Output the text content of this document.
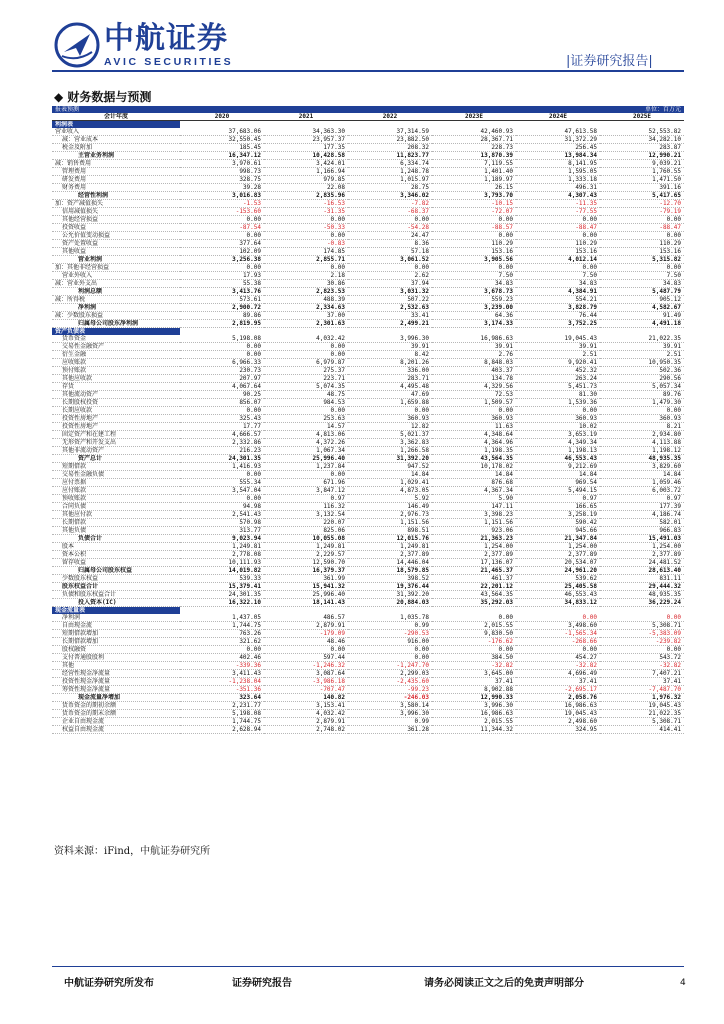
中航证券
AVIC SECURITIES	|证券研究报告|
◆ 财务数据与预测
报表预测					单位：百万元	
会计年度	2020	2021	2022	2023E	2024E	2025E
利润表						
营业收入	37,683.06	34,363.30	37,314.59	42,460.93	47,613.58	52,553.82
减：营业成本	32,550.45	23,957.37	23,882.50	28,367.71	31,372.29	34,282.10
税金及附加	185.45	177.35	208.32	228.73	256.45	283.87
主营业务利润	16,347.12	10,428.58	11,823.77	13,870.39	13,984.34	12,990.21
减：销售费用	3,970.61	3,424.01	6,334.74	7,119.55	8,141.95	9,039.21
管理费用	998.73	1,166.94	1,248.78	1,401.40	1,595.05	1,760.55
研发费用	328.75	979.85	1,015.97	1,189.97	1,333.18	1,471.50
财务费用	39.28	22.08	28.75	26.15	496.31	391.16
经营性利润	3,016.83	2,835.96	3,346.02	3,793.70	4,307.43	5,417.65
加：资产减值损失	-1.53	-16.53	-7.82	-10.15	-11.35	-12.70
信用减值损失	-153.60	-31.35	-68.37	-72.07	-77.55	-79.19
其他经营损益	0.00	0.00	0.00	0.00	0.00	0.00
投资收益	-87.54	-50.33	-54.28	-88.57	-88.47	-88.47
公允价值变动损益	0.00	0.00	24.47	0.00	0.00	0.00
资产处置收益	377.64	-0.83	8.36	110.29	110.29	110.29
其他收益	102.09	174.85	57.18	153.16	153.16	153.16
营业利润	3,256.38	2,855.71	3,061.52	3,905.56	4,012.14	5,315.82
加：其他非经营损益	0.00	0.00	0.00	0.00	0.00	0.00
营业外收入	17.93	2.18	2.62	7.50	7.50	7.50
减：营业外支出	55.38	30.86	37.94	34.83	34.83	34.83
利润总额	3,413.76	2,823.53	3,031.32	3,678.73	4,384.91	5,487.79
减：所得税	573.61	488.39	507.22	559.23	554.21	905.12
净利润	2,900.72	2,334.63	2,532.63	3,239.00	3,828.79	4,582.67
减：少数股东损益	89.86	37.00	33.41	64.36	76.44	91.49
归属母公司股东净利润	2,819.95	2,301.63	2,499.21	3,174.33	3,752.25	4,491.18
资产负债表						
货币资金	5,198.08	4,032.42	3,996.30	16,986.63	19,045.43	21,022.35
交易性金融资产	0.00	0.00	39.91	39.91	39.91	39.91
衍生金融	0.00	0.00	8.42	2.76	2.51	2.51
应收账款	6,966.33	6,979.87	8,201.26	8,848.03	9,920.41	10,950.35
预付账款	230.73	275.37	336.00	403.37	452.32	502.36
其他应收款	207.97	223.71	283.71	134.78	263.24	290.56
存货	4,067.64	5,074.35	4,495.48	4,329.56	5,451.73	5,057.34
其他流动资产	90.25	48.75	47.69	72.53	81.30	89.76
长期股权投资	856.07	984.53	1,659.88	1,509.57	1,539.36	1,479.30
长期应收款	0.00	0.00	0.00	0.00	0.00	0.00
投资性房地产	325.43	253.63	360.93	360.93	360.93	360.93
投资性房地产	17.77	14.57	12.82	11.63	10.02	8.21
固定资产和在建工程	4,666.57	4,813.06	5,021.37	4,348.64	3,653.19	2,934.80
无形资产和开发支出	2,332.86	4,372.26	3,362.83	4,364.96	4,349.34	4,113.88
其他非流动资产	216.23	1,067.34	1,266.58	1,198.35	1,198.13	1,198.12
资产总计	24,301.35	25,996.40	31,392.20	43,564.35	46,553.43	48,935.35
短期借款	1,416.93	1,237.84	947.52	10,178.02	9,212.69	3,829.60
交易性金融负债	0.00	0.00	14.84	14.84	14.84	14.84
应付票据	555.34	671.96	1,029.41	876.68	969.54	1,059.46
应付账款	3,547.04	3,847.12	4,873.05	4,367.34	5,494.15	6,003.72
预收账款	0.00	0.97	5.92	5.90	0.97	0.97
合同负债	94.98	116.32	146.49	147.11	166.65	177.39
其他应付款	2,541.43	3,132.54	2,976.73	3,398.23	3,258.19	4,186.74
长期借款	570.98	220.07	1,151.56	1,151.56	590.42	582.01
其他负债	313.77	825.06	898.51	923.06	945.66	966.83
负债合计	9,023.94	10,055.08	12,015.76	21,363.23	21,347.84	15,491.03
股本	1,249.81	1,249.81	1,249.81	1,254.00	1,254.00	1,254.00
资本公积	2,778.08	2,229.57	2,377.89	2,377.89	2,377.89	2,377.89
留存收益	10,111.93	12,590.70	14,446.04	17,136.07	20,534.07	24,481.52
归属母公司股东权益	14,019.82	16,379.37	18,579.85	21,465.37	24,961.20	28,613.40
少数股东权益	539.33	361.99	398.52	461.37	539.62	831.11
股东权益合计	15,379.41	15,941.32	19,376.44	22,201.12	25,405.58	29,444.32
负债和股东权益合计	24,301.35	25,996.40	31,392.20	43,564.35	46,553.43	48,935.35
投入资本(IC)	16,322.10	18,141.43	20,884.03	35,292.03	34,833.12	36,229.24
现金流量表						
净利润	1,437.05	486.57	1,035.78	0.00	0.00	0.00
自由现金流	1,744.75	2,879.91	0.99	2,015.55	3,498.60	5,308.71
短期借款增加	763.26	-179.09	-290.53	9,830.50	-1,565.34	-5,383.09
长期借款增加	321.62	48.46	916.00	-176.62	-268.66	-239.82
股权融资	0.00	0.00	0.00	0.00	0.00	0.00
支付普通股股利	402.46	597.44	0.00	384.50	454.27	543.72
其他	-339.36	-1,246.32	-1,247.70	-32.82	-32.82	-32.82
经营性现金净流量	3,411.43	3,087.64	2,299.03	3,645.00	4,696.49	7,407.21
投资性现金净流量	-1,238.04	-3,986.18	-2,435.60	37.41	37.41	37.41
筹资性现金净流量	-351.36	-707.47	-99.23	8,902.88	-2,695.17	-7,487.70
现金流量净增加	323.64	140.82	-246.03	12,990.33	2,058.76	1,976.32
货币资金的期初余额	2,231.77	3,153.41	3,580.14	3,996.30	16,986.63	19,045.43
货币资金的期末余额	5,198.08	4,032.42	3,996.30	16,986.63	19,045.43	21,022.35
企业自由现金流	1,744.75	2,879.91	0.99	2,015.55	2,498.60	5,308.71
权益自由现金流	2,628.94	2,748.02	361.28	11,344.32	324.95	414.41
资料来源：iFind，中航证券研究所
中航证券研究所发布	证券研究报告	请务必阅读正文之后的免责声明部分	4
